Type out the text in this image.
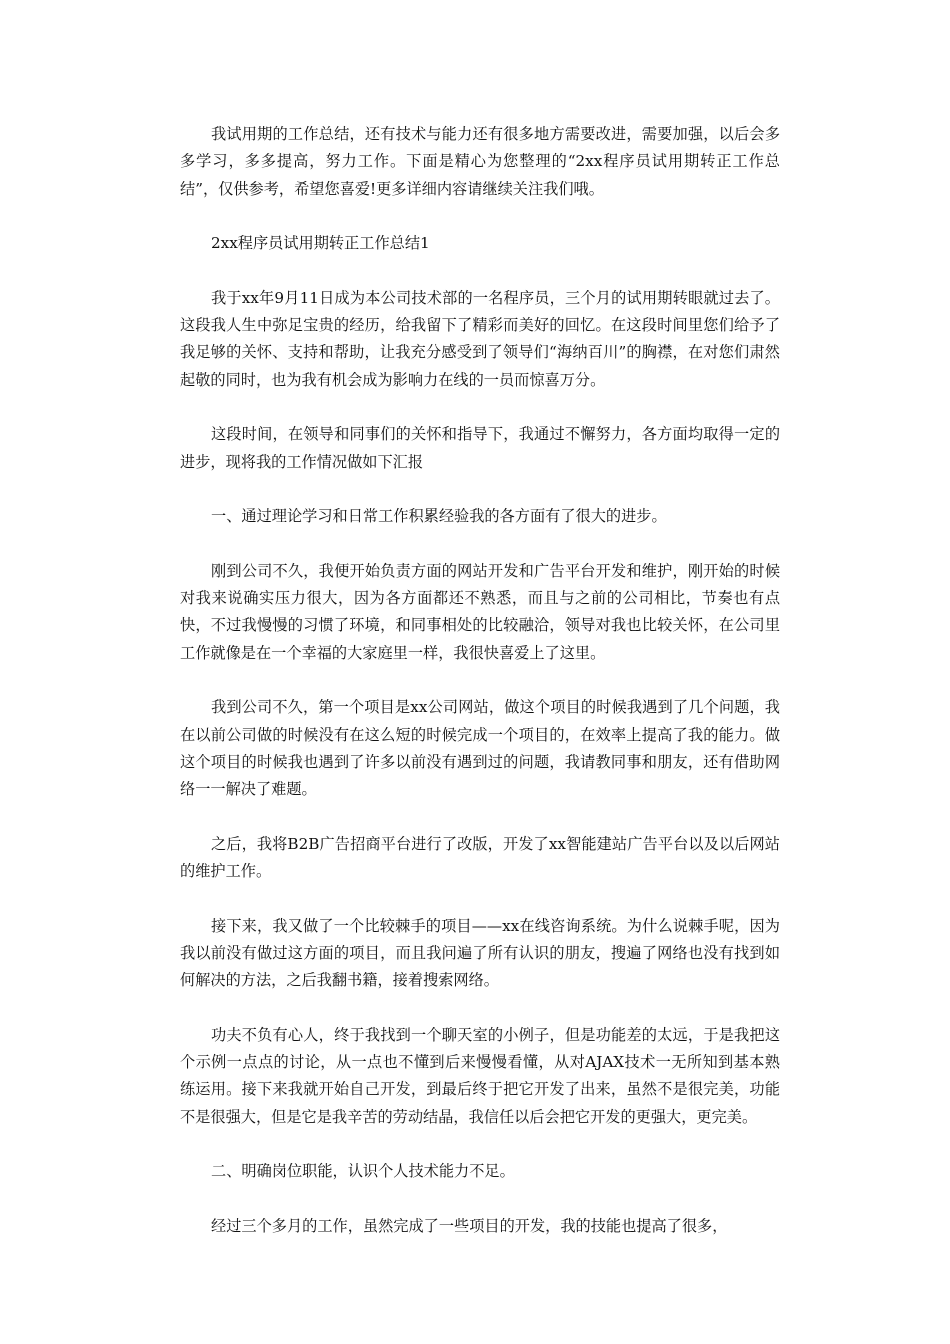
我试用期的工作总结，还有技术与能力还有很多地方需要改进，需要加强，以后会多多学习，多多提高，努力工作。下面是精心为您整理的“2xx程序员试用期转正工作总结”，仅供参考，希望您喜爱!更多详细内容请继续关注我们哦。

2xx程序员试用期转正工作总结1

我于xx年9月11日成为本公司技术部的一名程序员，三个月的试用期转眼就过去了。这段我人生中弥足宝贵的经历，给我留下了精彩而美好的回忆。在这段时间里您们给予了我足够的关怀、支持和帮助，让我充分感受到了领导们“海纳百川”的胸襟，在对您们肃然起敬的同时，也为我有机会成为影响力在线的一员而惊喜万分。

这段时间，在领导和同事们的关怀和指导下，我通过不懈努力，各方面均取得一定的进步，现将我的工作情况做如下汇报

一、通过理论学习和日常工作积累经验我的各方面有了很大的进步。

刚到公司不久，我便开始负责方面的网站开发和广告平台开发和维护，刚开始的时候对我来说确实压力很大，因为各方面都还不熟悉，而且与之前的公司相比，节奏也有点快，不过我慢慢的习惯了环境，和同事相处的比较融洽，领导对我也比较关怀，在公司里工作就像是在一个幸福的大家庭里一样，我很快喜爱上了这里。

我到公司不久，第一个项目是xx公司网站，做这个项目的时候我遇到了几个问题，我在以前公司做的时候没有在这么短的时候完成一个项目的，在效率上提高了我的能力。做这个项目的时候我也遇到了许多以前没有遇到过的问题，我请教同事和朋友，还有借助网络一一解决了难题。

之后，我将B2B广告招商平台进行了改版，开发了xx智能建站广告平台以及以后网站的维护工作。

接下来，我又做了一个比较棘手的项目——xx在线咨询系统。为什么说棘手呢，因为我以前没有做过这方面的项目，而且我问遍了所有认识的朋友，搜遍了网络也没有找到如何解决的方法，之后我翻书籍，接着搜索网络。

功夫不负有心人，终于我找到一个聊天室的小例子，但是功能差的太远，于是我把这个示例一点点的讨论，从一点也不懂到后来慢慢看懂，从对AJAX技术一无所知到基本熟练运用。接下来我就开始自己开发，到最后终于把它开发了出来，虽然不是很完美，功能不是很强大，但是它是我辛苦的劳动结晶，我信任以后会把它开发的更强大，更完美。

二、明确岗位职能，认识个人技术能力不足。

经过三个多月的工作，虽然完成了一些项目的开发，我的技能也提高了很多，
